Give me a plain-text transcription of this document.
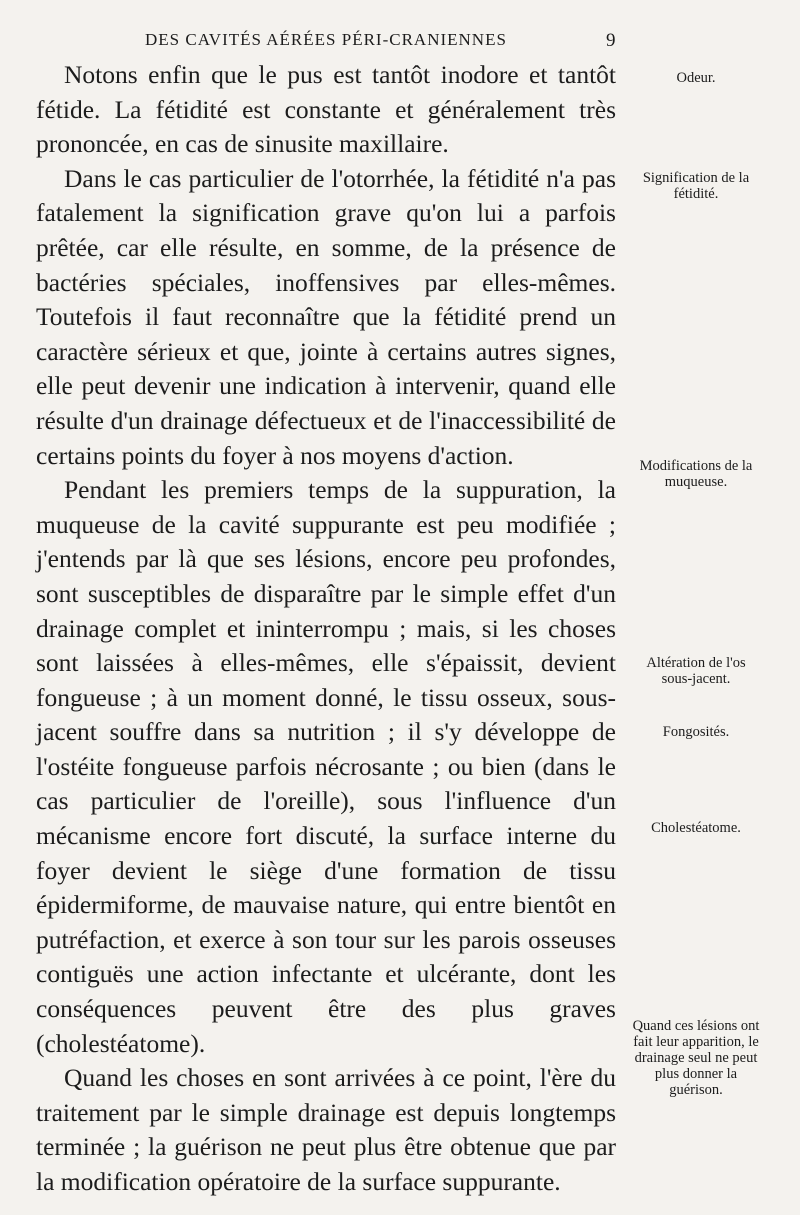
DES CAVITÉS AÉRÉES PÉRI-CRANIENNES	9

Notons enfin que le pus est tantôt inodore et tantôt fétide. La fétidité est constante et généralement très prononcée, en cas de sinusite maxillaire.

Dans le cas particulier de l'otorrhée, la fétidité n'a pas fatalement la signification grave qu'on lui a parfois prêtée, car elle résulte, en somme, de la présence de bactéries spéciales, inoffensives par elles-mêmes. Toutefois il faut reconnaître que la fétidité prend un caractère sérieux et que, jointe à certains autres signes, elle peut devenir une indication à intervenir, quand elle résulte d'un drainage défectueux et de l'inaccessibilité de certains points du foyer à nos moyens d'action.

Pendant les premiers temps de la suppuration, la muqueuse de la cavité suppurante est peu modifiée ; j'entends par là que ses lésions, encore peu profondes, sont susceptibles de disparaître par le simple effet d'un drainage complet et ininterrompu ; mais, si les choses sont laissées à elles-mêmes, elle s'épaissit, devient fongueuse ; à un moment donné, le tissu osseux, sous-jacent souffre dans sa nutrition ; il s'y développe de l'ostéite fongueuse parfois nécrosante ; ou bien (dans le cas particulier de l'oreille), sous l'influence d'un mécanisme encore fort discuté, la surface interne du foyer devient le siège d'une formation de tissu épidermiforme, de mauvaise nature, qui entre bientôt en putréfaction, et exerce à son tour sur les parois osseuses contiguës une action infectante et ulcérante, dont les conséquences peuvent être des plus graves (cholestéatome).

Quand les choses en sont arrivées à ce point, l'ère du traitement par le simple drainage est depuis longtemps terminée ; la guérison ne peut plus être obtenue que par la modification opératoire de la surface suppurante.

Odeur.
Signification de la fétidité.
Modifications de la muqueuse.
Altération de l'os sous-jacent.
Fongosités.
Cholestéatome.
Quand ces lésions ont fait leur apparition, le drainage seul ne peut plus donner la guérison.
